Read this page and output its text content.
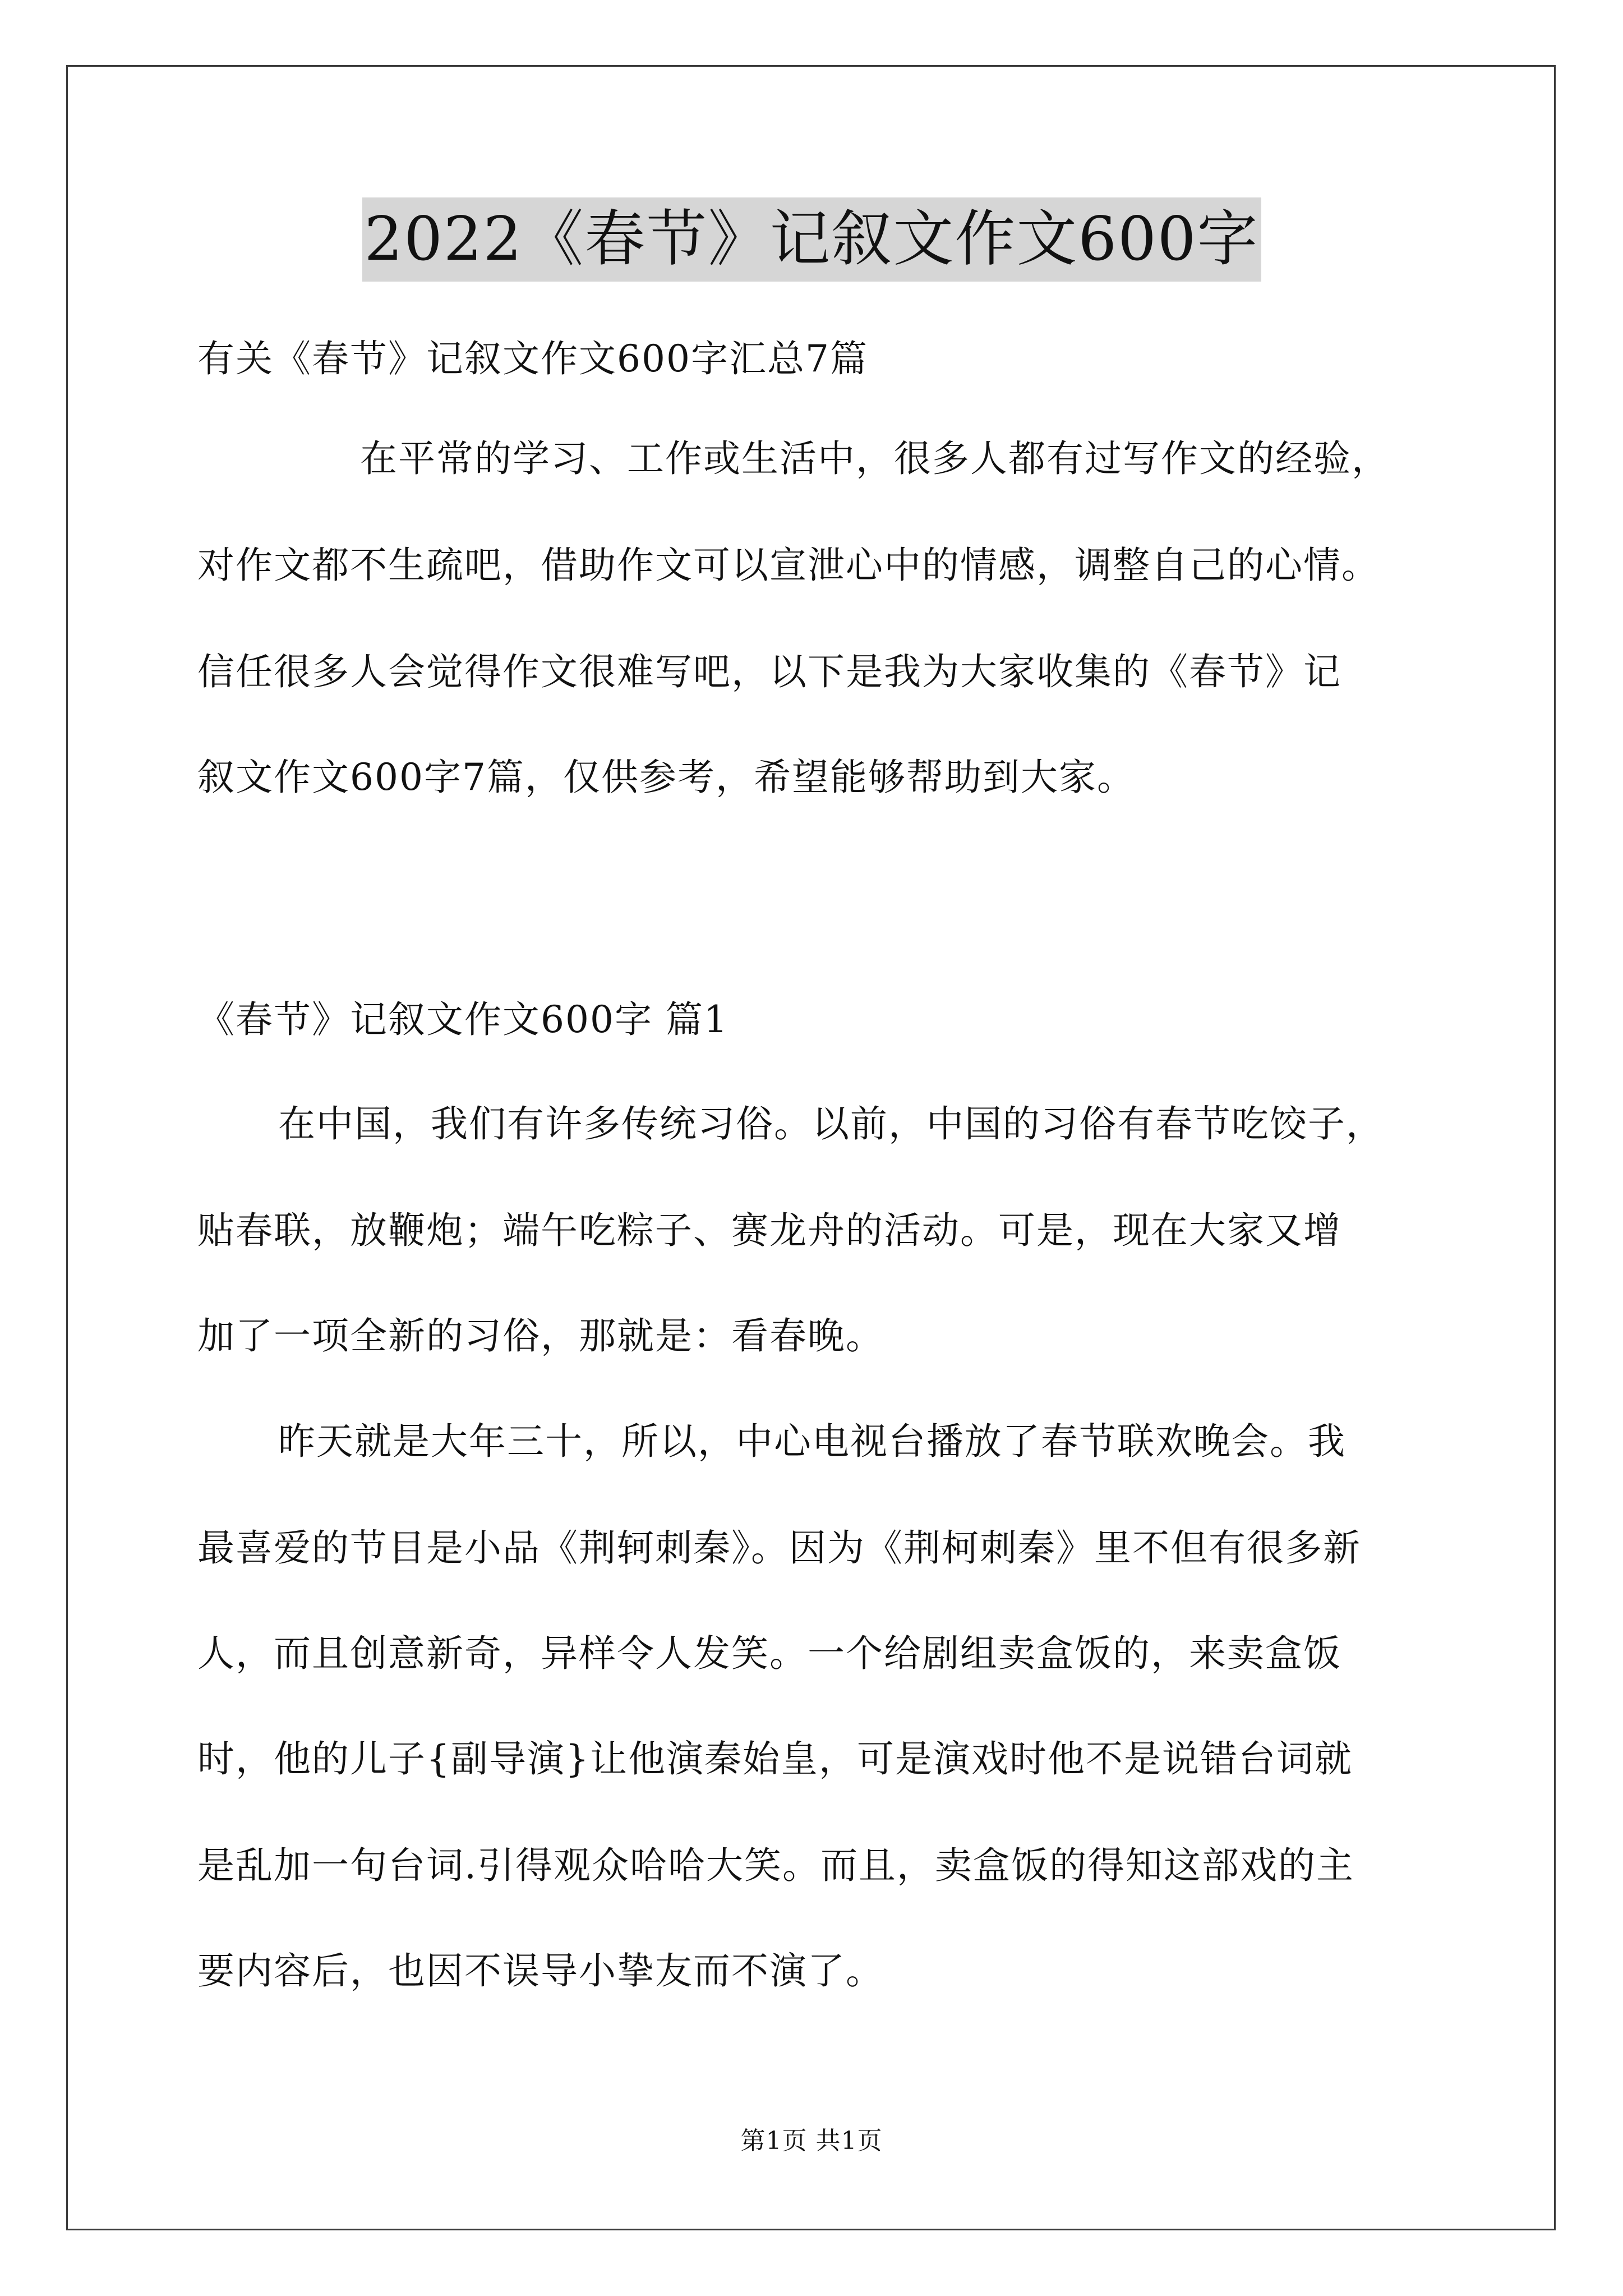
2022《春节》记叙文作文600字
有关《春节》记叙文作文600字汇总7篇
在平常的学习、工作或生活中，很多人都有过写作文的经验，
对作文都不生疏吧，借助作文可以宣泄心中的情感，调整自己的心情。
信任很多人会觉得作文很难写吧，以下是我为大家收集的《春节》记
叙文作文600字7篇，仅供参考，希望能够帮助到大家。
《春节》记叙文作文600字 篇1
在中国，我们有许多传统习俗。以前，中国的习俗有春节吃饺子，
贴春联，放鞭炮；端午吃粽子、赛龙舟的活动。可是，现在大家又增
加了一项全新的习俗，那就是：看春晚。
昨天就是大年三十，所以，中心电视台播放了春节联欢晚会。我
最喜爱的节目是小品《荆轲刺秦》。因为《荆柯刺秦》里不但有很多新
人，而且创意新奇，异样令人发笑。一个给剧组卖盒饭的，来卖盒饭
时，他的儿子{副导演}让他演秦始皇，可是演戏时他不是说错台词就
是乱加一句台词.引得观众哈哈大笑。而且，卖盒饭的得知这部戏的主
要内容后，也因不误导小挚友而不演了。
第1页 共1页
